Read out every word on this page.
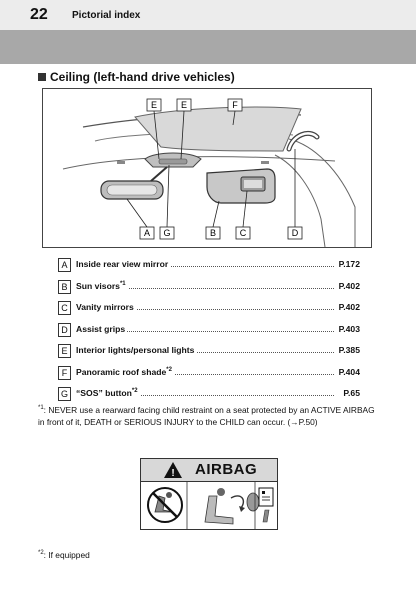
22 Pictorial index
Ceiling (left-hand drive vehicles)
E	E	F
A G	B	C	D
A Inside rear view mirror	P.172
B Sun visors$^{*1}$	P.402
C Vanity mirrors	P.402
D Assist grips	P.403
E Interior lights/personal lights	P.385
F	Panoramic roof shade$^{*2}$	P.404
G “SOS” button$^{*2}$	P.65
$^{*1}$: NEVER use a rearward facing child restraint on a seat protected by an ACTIVE AIRBAG in front of it, DEATH or SERIOUS INJURY to the CHILD can occur. (→P.50)
! AIRBAG
$^{*2}$: If equipped
